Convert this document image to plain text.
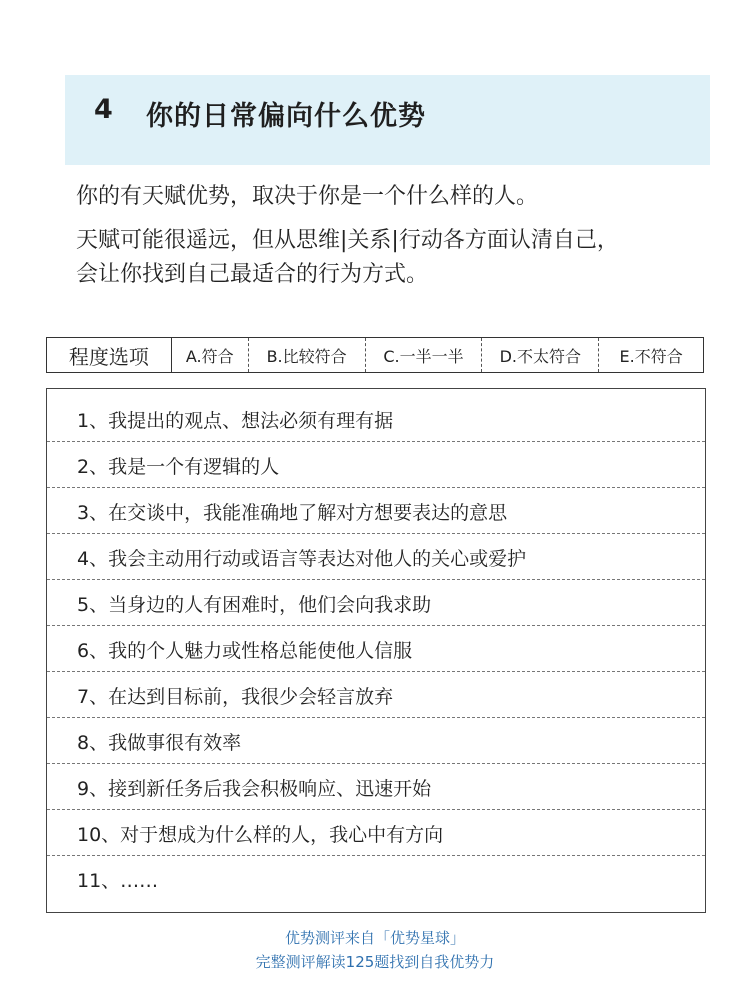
4 你的日常偏向什么优势
你的有天赋优势，取决于你是一个什么样的人。
天赋可能很遥远，但从思维|关系|行动各方面认清自己，
会让你找到自己最适合的行为方式。
程度选项	A.符合	B.比较符合	C.一半一半	D.不太符合	E.不符合
1、我提出的观点、想法必须有理有据
2、我是一个有逻辑的人
3、在交谈中，我能准确地了解对方想要表达的意思
4、我会主动用行动或语言等表达对他人的关心或爱护
5、当身边的人有困难时，他们会向我求助
6、我的个人魅力或性格总能使他人信服
7、在达到目标前，我很少会轻言放弃
8、我做事很有效率
9、接到新任务后我会积极响应、迅速开始
10、对于想成为什么样的人，我心中有方向
11、……
优势测评来自「优势星球」
完整测评解读125题找到自我优势力
